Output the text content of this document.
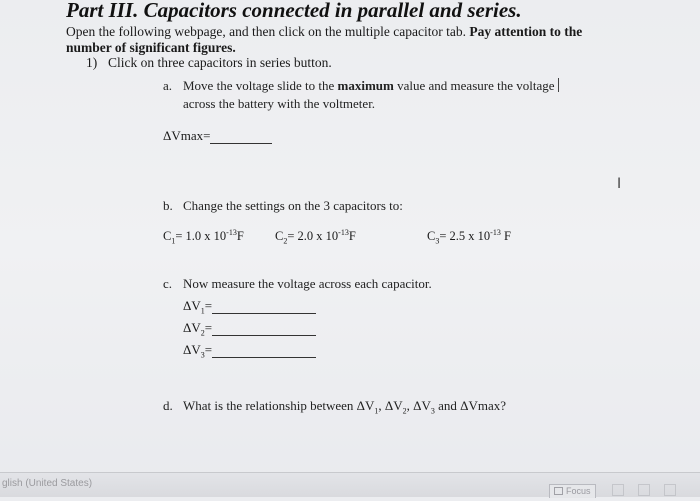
Part III. Capacitors connected in parallel and series.
Open the following webpage, and then click on the multiple capacitor tab. Pay attention to the
number of significant figures.
1) Click on three capacitors in series button.
a. Move the voltage slide to the maximum value and measure the voltage
across the battery with the voltmeter.
ΔVmax=
b. Change the settings on the 3 capacitors to:
$C_1= 1.0$ x $10^{-13}F$ $C_2= 2.0$ x $10^{-13}F$	$C_3= 2.5$ x $10^{-13}$ F
c. Now measure the voltage across each capacitor.
$\Delta V_1=$
$\Delta V_2=$
$\Delta V_3=$
d. What is the relationship between $\Delta V_1$, $\Delta V_2$, $\Delta V_3$ and ΔVmax?
I
glish (United States)
Focus
